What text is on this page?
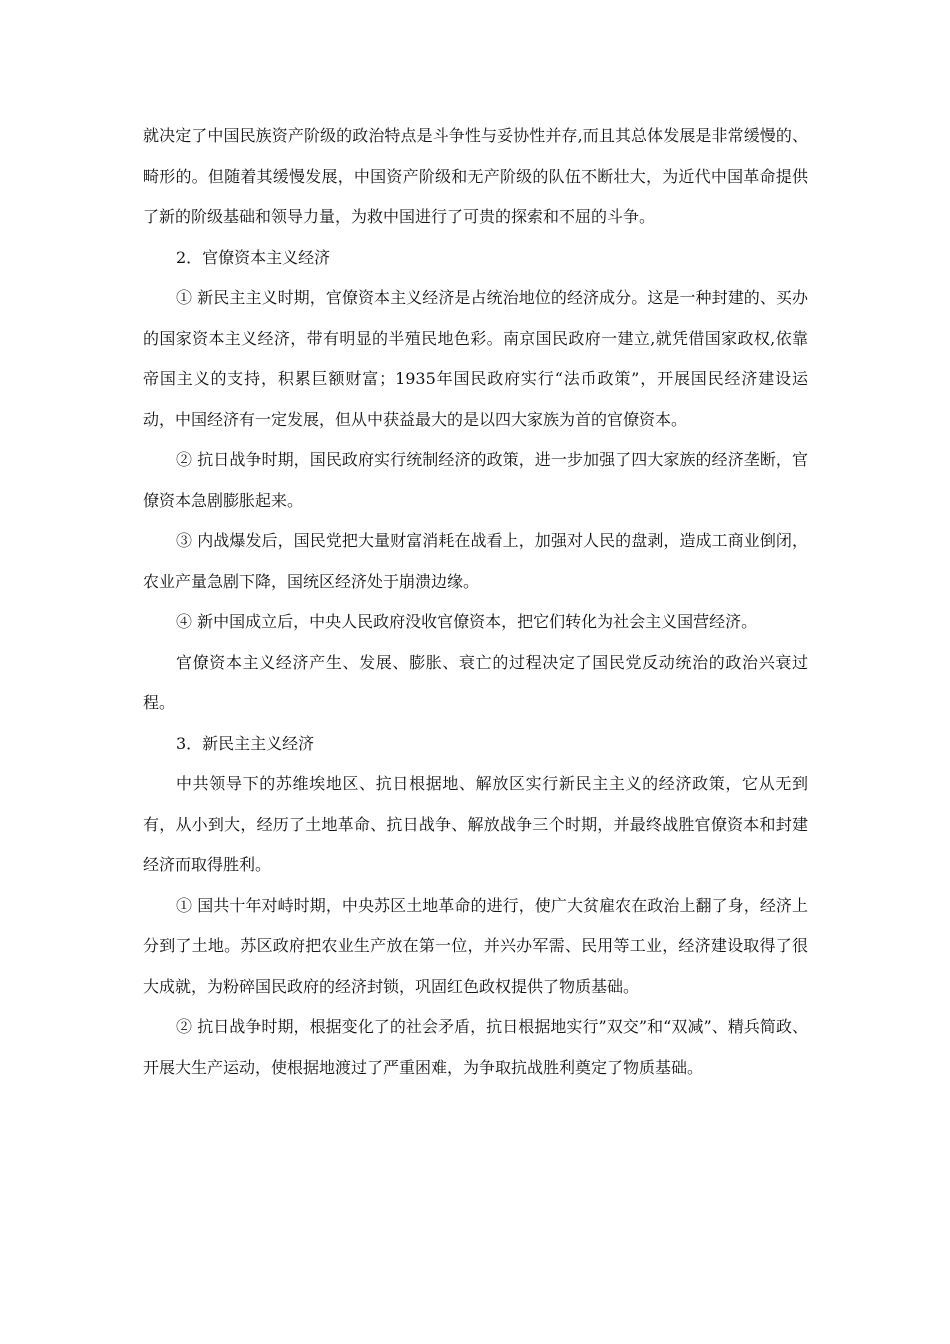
就决定了中国民族资产阶级的政治特点是斗争性与妥协性并存,而且其总体发展是非常缓慢的、畸形的。但随着其缓慢发展，中国资产阶级和无产阶级的队伍不断壮大，为近代中国革命提供了新的阶级基础和领导力量，为救中国进行了可贵的探索和不屈的斗争。

2．官僚资本主义经济

① 新民主主义时期，官僚资本主义经济是占统治地位的经济成分。这是一种封建的、买办的国家资本主义经济，带有明显的半殖民地色彩。南京国民政府一建立,就凭借国家政权,依靠帝国主义的支持，积累巨额财富；1935年国民政府实行“法币政策”，开展国民经济建设运动，中国经济有一定发展，但从中获益最大的是以四大家族为首的官僚资本。

② 抗日战争时期，国民政府实行统制经济的政策，进一步加强了四大家族的经济垄断，官僚资本急剧膨胀起来。

③ 内战爆发后，国民党把大量财富消耗在战看上，加强对人民的盘剥，造成工商业倒闭，农业产量急剧下降，国统区经济处于崩溃边缘。

④ 新中国成立后，中央人民政府没收官僚资本，把它们转化为社会主义国营经济。

官僚资本主义经济产生、发展、膨胀、衰亡的过程决定了国民党反动统治的政治兴衰过程。

3．新民主主义经济

中共领导下的苏维埃地区、抗日根据地、解放区实行新民主主义的经济政策，它从无到有，从小到大，经历了土地革命、抗日战争、解放战争三个时期，并最终战胜官僚资本和封建经济而取得胜利。

① 国共十年对峙时期，中央苏区土地革命的进行，使广大贫雇农在政治上翻了身，经济上分到了土地。苏区政府把农业生产放在第一位，并兴办军需、民用等工业，经济建设取得了很大成就，为粉碎国民政府的经济封锁，巩固红色政权提供了物质基础。

② 抗日战争时期，根据变化了的社会矛盾，抗日根据地实行”双交”和“双减”、精兵简政、开展大生产运动，使根据地渡过了严重困难，为争取抗战胜利奠定了物质基础。
